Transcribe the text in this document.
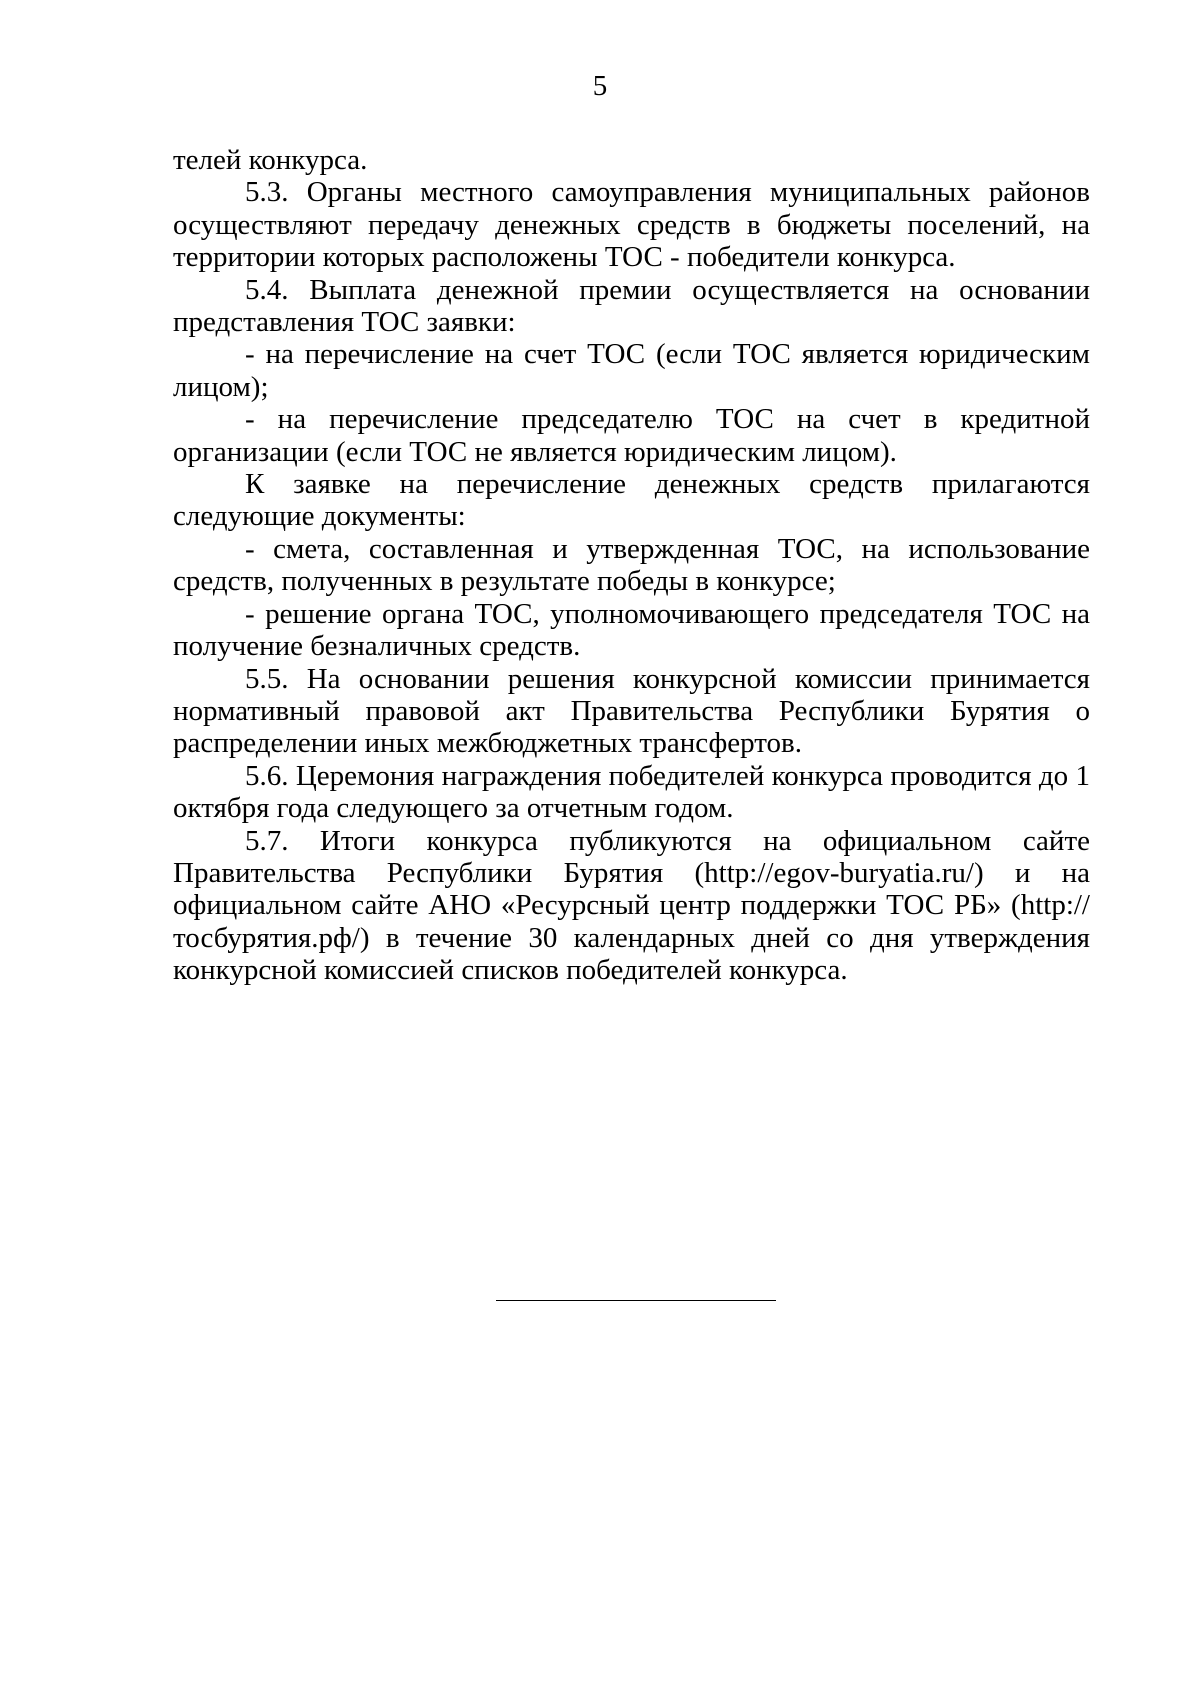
5

телей конкурса.

5.3. Органы местного самоуправления муниципальных районов осуществляют передачу денежных средств в бюджеты поселений, на территории которых расположены ТОС - победители конкурса.

5.4. Выплата денежной премии осуществляется на основании представления ТОС заявки:

- на перечисление на счет ТОС (если ТОС является юридическим лицом);

- на перечисление председателю ТОС на счет в кредитной организации (если ТОС не является юридическим лицом).

К заявке на перечисление денежных средств прилагаются следующие документы:

- смета, составленная и утвержденная ТОС, на использование средств, полученных в результате победы в конкурсе;

- решение органа ТОС, уполномочивающего председателя ТОС на получение безналичных средств.

5.5. На основании решения конкурсной комиссии принимается нормативный правовой акт Правительства Республики Бурятия о распределении иных межбюджетных трансфертов.

5.6. Церемония награждения победителей конкурса проводится до 1 октября года следующего за отчетным годом.

5.7. Итоги конкурса публикуются на официальном сайте Правительства Республики Бурятия (http://egov-buryatia.ru/) и на официальном сайте АНО «Ресурсный центр поддержки ТОС РБ» (http://тосбурятия.рф/) в течение 30 календарных дней со дня утверждения конкурсной комиссией списков победителей конкурса.
